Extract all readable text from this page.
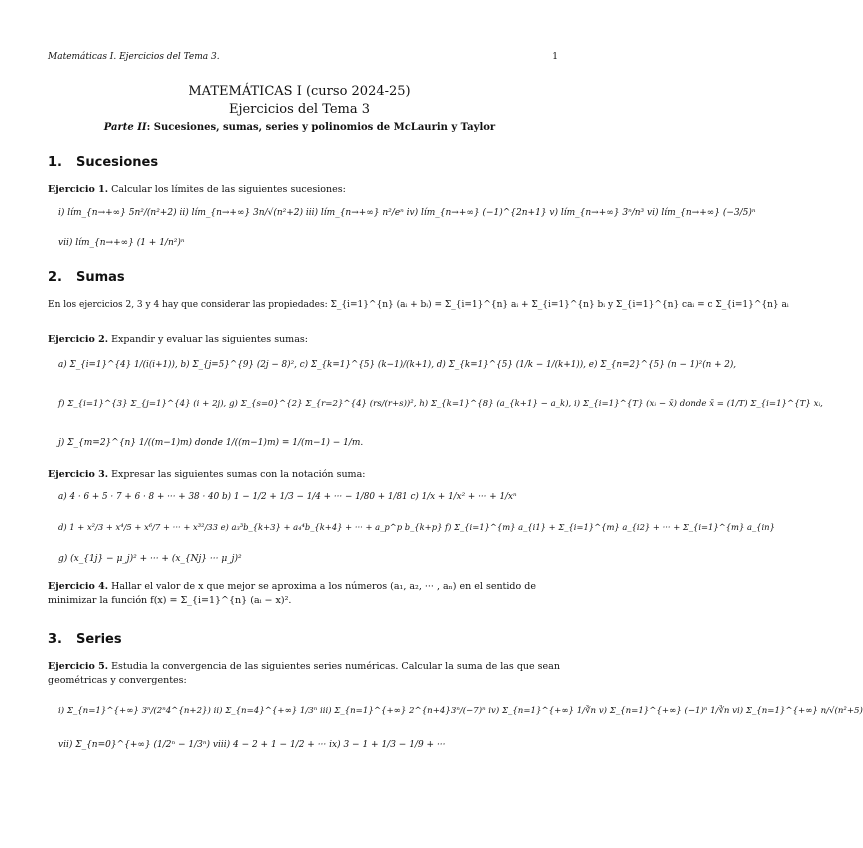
Matemáticas I. Ejercicios del Tema 3.	1
MATEMÁTICAS I (curso 2024-25)
Ejercicios del Tema 3
Parte II: Sucesiones, sumas, series y polinomios de McLaurin y Taylor
1. Sucesiones
Ejercicio 1. Calcular los límites de las siguientes sucesiones:
i) lím_{n→+∞} 5n²/(n²+2) ii) lím_{n→+∞} 3n/√(n²+2) iii) lím_{n→+∞} n²/eⁿ iv) lím_{n→+∞} (−1)^{2n+1} v) lím_{n→+∞} 3ⁿ/n³ vi) lím_{n→+∞} (−3/5)ⁿ
vii) lím_{n→+∞} (1 + 1/n²)ⁿ
2. Sumas
En los ejercicios 2, 3 y 4 hay que considerar las propiedades: Σ_{i=1}^{n} (aᵢ + bᵢ) = Σ_{i=1}^{n} aᵢ + Σ_{i=1}^{n} bᵢ y Σ_{i=1}^{n} caᵢ = c Σ_{i=1}^{n} aᵢ
Ejercicio 2. Expandir y evaluar las siguientes sumas:
a) Σ_{i=1}^{4} 1/(i(i+1)), b) Σ_{j=5}^{9} (2j − 8)², c) Σ_{k=1}^{5} (k−1)/(k+1), d) Σ_{k=1}^{5} (1/k − 1/(k+1)), e) Σ_{n=2}^{5} (n − 1)²(n + 2),
f) Σ_{i=1}^{3} Σ_{j=1}^{4} (i + 2j), g) Σ_{s=0}^{2} Σ_{r=2}^{4} (rs/(r+s))², h) Σ_{k=1}^{8} (a_{k+1} − a_k), i) Σ_{i=1}^{T} (xᵢ − x̄) donde x̄ = (1/T) Σ_{i=1}^{T} xᵢ,
j) Σ_{m=2}^{n} 1/((m−1)m) donde 1/((m−1)m) = 1/(m−1) − 1/m.
Ejercicio 3. Expresar las siguientes sumas con la notación suma:
a) 4 · 6 + 5 · 7 + 6 · 8 + ··· + 38 · 40 b) 1 − 1/2 + 1/3 − 1/4 + ··· − 1/80 + 1/81 c) 1/x + 1/x² + ··· + 1/xⁿ
d) 1 + x²/3 + x⁴/5 + x⁶/7 + ··· + x³²/33 e) a₃³b_{k+3} + a₄⁴b_{k+4} + ··· + a_p^p b_{k+p} f) Σ_{i=1}^{m} a_{i1} + Σ_{i=1}^{m} a_{i2} + ··· + Σ_{i=1}^{m} a_{in}
g) (x_{1j} − μ_j)² + ··· + (x_{Nj} ··· μ_j)²
Ejercicio 4. Hallar el valor de x que mejor se aproxima a los números (a₁, a₂, ··· , aₙ) en el sentido de minimizar la función f(x) = Σ_{i=1}^{n} (aᵢ − x)².
3. Series
Ejercicio 5. Estudia la convergencia de las siguientes series numéricas. Calcular la suma de las que sean geométricas y convergentes:
i) Σ_{n=1}^{+∞} 3ⁿ/(2ⁿ4^{n+2}) ii) Σ_{n=4}^{+∞} 1/3ⁿ iii) Σ_{n=1}^{+∞} 2^{n+4}3ⁿ/(−7)ⁿ iv) Σ_{n=1}^{+∞} 1/∛n v) Σ_{n=1}^{+∞} (−1)ⁿ 1/∛n vi) Σ_{n=1}^{+∞} n/√(n²+5)
vii) Σ_{n=0}^{+∞} (1/2ⁿ − 1/3ⁿ) viii) 4 − 2 + 1 − 1/2 + ··· ix) 3 − 1 + 1/3 − 1/9 + ···
